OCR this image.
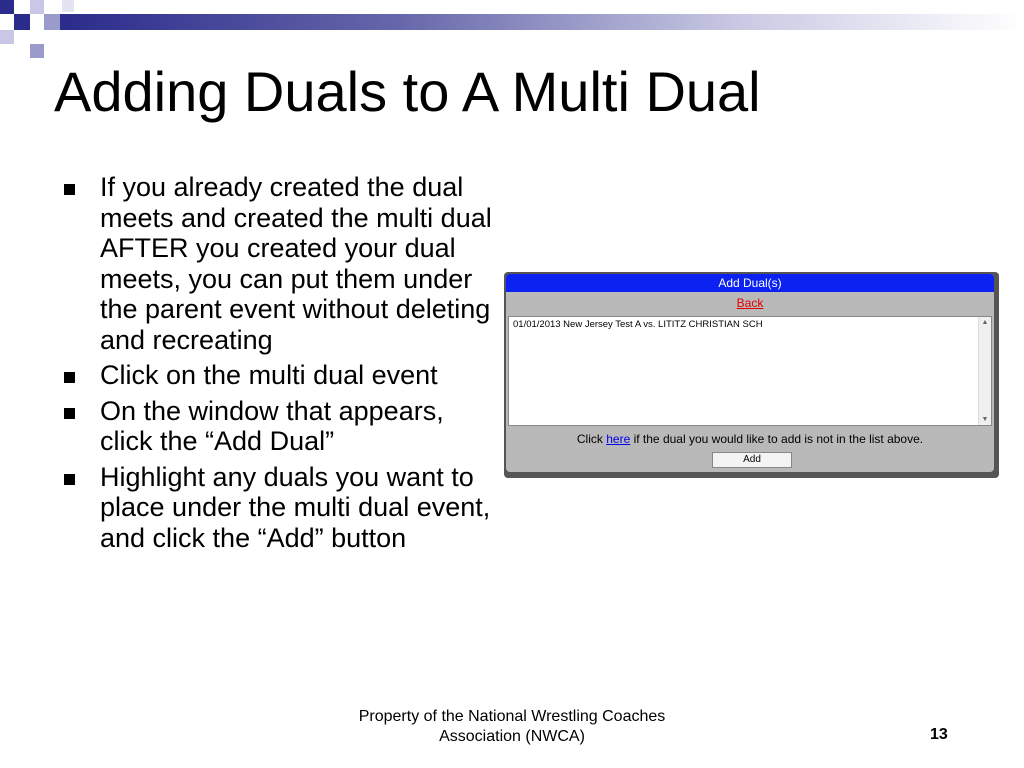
Adding Duals to A Multi Dual
If you already created the dual meets and created the multi dual AFTER you created your dual meets, you can put them under the parent event without deleting and recreating
Click on the multi dual event
On the window that appears, click the “Add Dual”
Highlight any duals you want to place under the multi dual event, and click the “Add” button
Add Dual(s)
Back
01/01/2013 New Jersey Test A vs. LITITZ CHRISTIAN SCH	▲
▼
Click here if the dual you would like to add is not in the list above.
Add
Property of the National Wrestling Coaches Association (NWCA)	13
